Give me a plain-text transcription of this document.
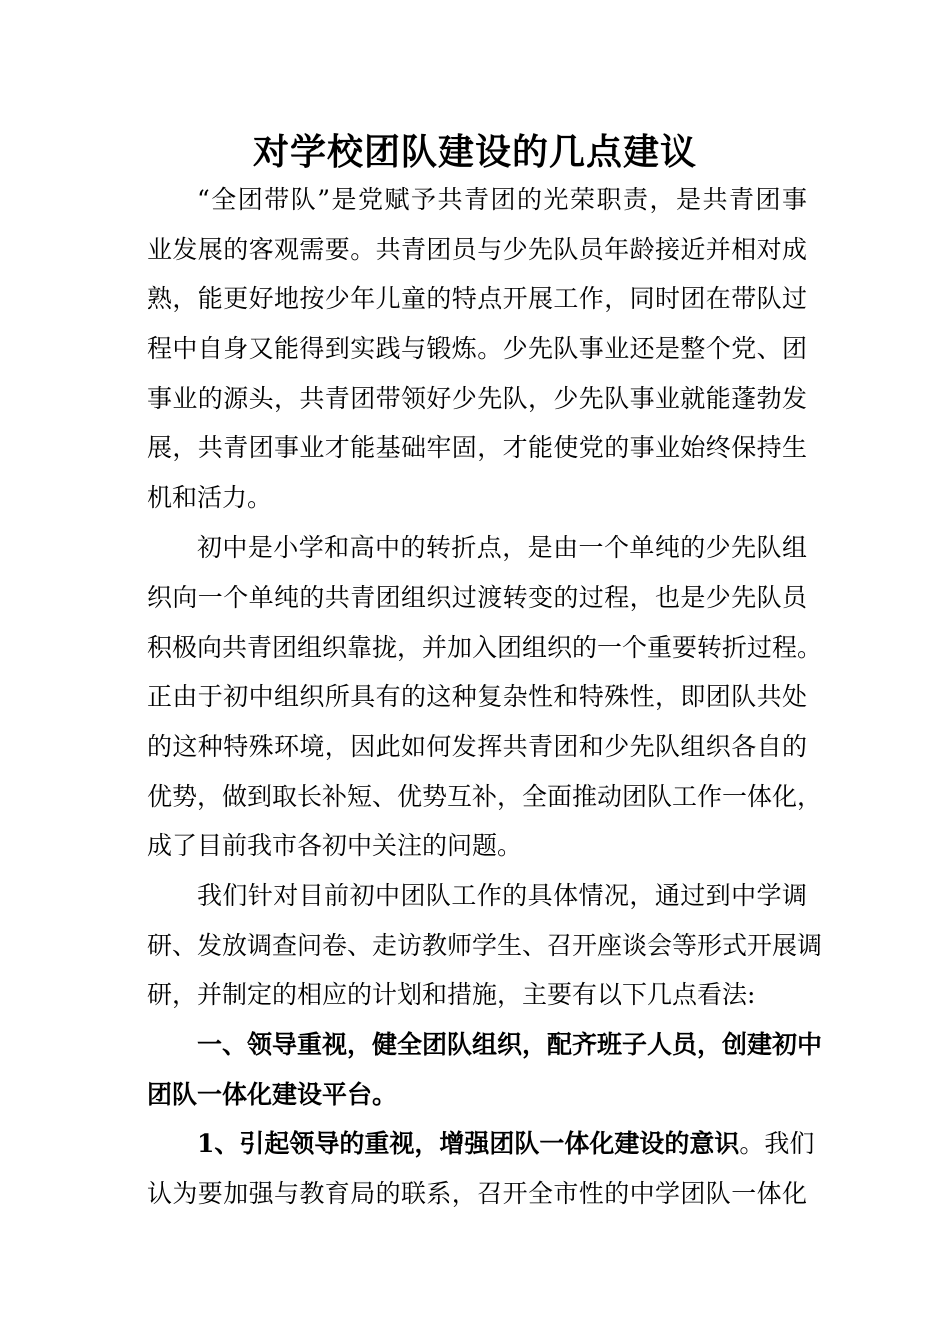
对学校团队建设的几点建议
“全团带队”是党赋予共青团的光荣职责，是共青团事
业发展的客观需要。共青团员与少先队员年龄接近并相对成
熟，能更好地按少年儿童的特点开展工作，同时团在带队过
程中自身又能得到实践与锻炼。少先队事业还是整个党、团
事业的源头，共青团带领好少先队，少先队事业就能蓬勃发
展，共青团事业才能基础牢固，才能使党的事业始终保持生
机和活力。
初中是小学和高中的转折点，是由一个单纯的少先队组
织向一个单纯的共青团组织过渡转变的过程，也是少先队员
积极向共青团组织靠拢，并加入团组织的一个重要转折过程。
正由于初中组织所具有的这种复杂性和特殊性，即团队共处
的这种特殊环境，因此如何发挥共青团和少先队组织各自的
优势，做到取长补短、优势互补，全面推动团队工作一体化，
成了目前我市各初中关注的问题。
我们针对目前初中团队工作的具体情况，通过到中学调
研、发放调查问卷、走访教师学生、召开座谈会等形式开展调
研，并制定的相应的计划和措施，主要有以下几点看法:
一、领导重视，健全团队组织，配齐班子人员，创建初中
团队一体化建设平台。
1、引起领导的重视，增强团队一体化建设的意识。我们
认为要加强与教育局的联系，召开全市性的中学团队一体化
